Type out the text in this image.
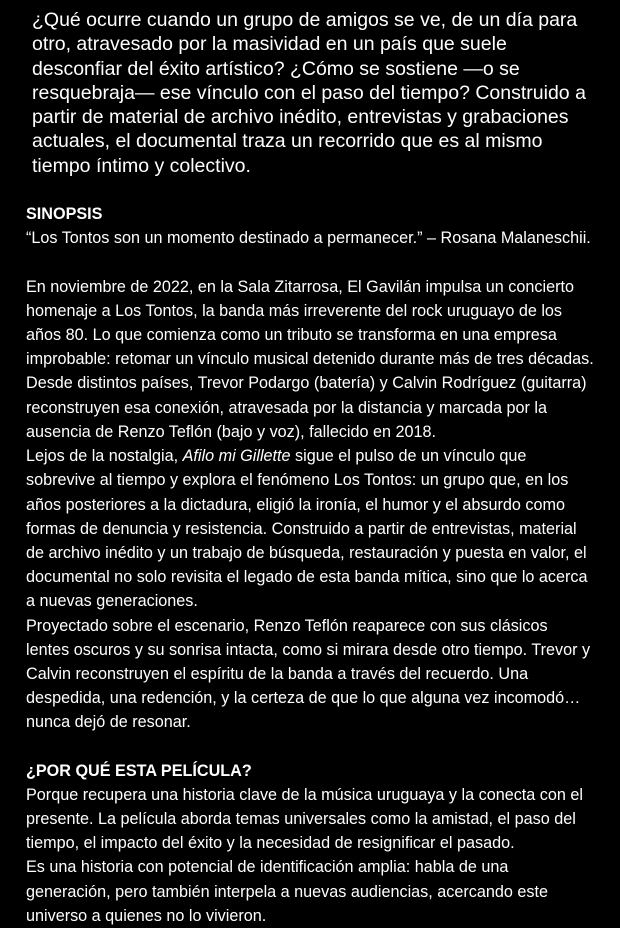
¿Qué ocurre cuando un grupo de amigos se ve, de un día para otro, atravesado por la masividad en un país que suele desconfiar del éxito artístico? ¿Cómo se sostiene —o se resquebraja— ese vínculo con el paso del tiempo? Construido a partir de material de archivo inédito, entrevistas y grabaciones actuales, el documental traza un recorrido que es al mismo tiempo íntimo y colectivo.

SINOPSIS

“Los Tontos son un momento destinado a permanecer.” – Rosana Malaneschii.

En noviembre de 2022, en la Sala Zitarrosa, El Gavilán impulsa un concierto homenaje a Los Tontos, la banda más irreverente del rock uruguayo de los años 80. Lo que comienza como un tributo se transforma en una empresa improbable: retomar un vínculo musical detenido durante más de tres décadas. Desde distintos países, Trevor Podargo (batería) y Calvin Rodríguez (guitarra) reconstruyen esa conexión, atravesada por la distancia y marcada por la ausencia de Renzo Teflón (bajo y voz), fallecido en 2018.

Lejos de la nostalgia, Afilo mi Gillette sigue el pulso de un vínculo que sobrevive al tiempo y explora el fenómeno Los Tontos: un grupo que, en los años posteriores a la dictadura, eligió la ironía, el humor y el absurdo como formas de denuncia y resistencia. Construido a partir de entrevistas, material de archivo inédito y un trabajo de búsqueda, restauración y puesta en valor, el documental no solo revisita el legado de esta banda mítica, sino que lo acerca a nuevas generaciones.

Proyectado sobre el escenario, Renzo Teflón reaparece con sus clásicos lentes oscuros y su sonrisa intacta, como si mirara desde otro tiempo. Trevor y Calvin reconstruyen el espíritu de la banda a través del recuerdo. Una despedida, una redención, y la certeza de que lo que alguna vez incomodó… nunca dejó de resonar.

¿POR QUÉ ESTA PELÍCULA?

Porque recupera una historia clave de la música uruguaya y la conecta con el presente. La película aborda temas universales como la amistad, el paso del tiempo, el impacto del éxito y la necesidad de resignificar el pasado.

Es una historia con potencial de identificación amplia: habla de una generación, pero también interpela a nuevas audiencias, acercando este universo a quienes no lo vivieron.
